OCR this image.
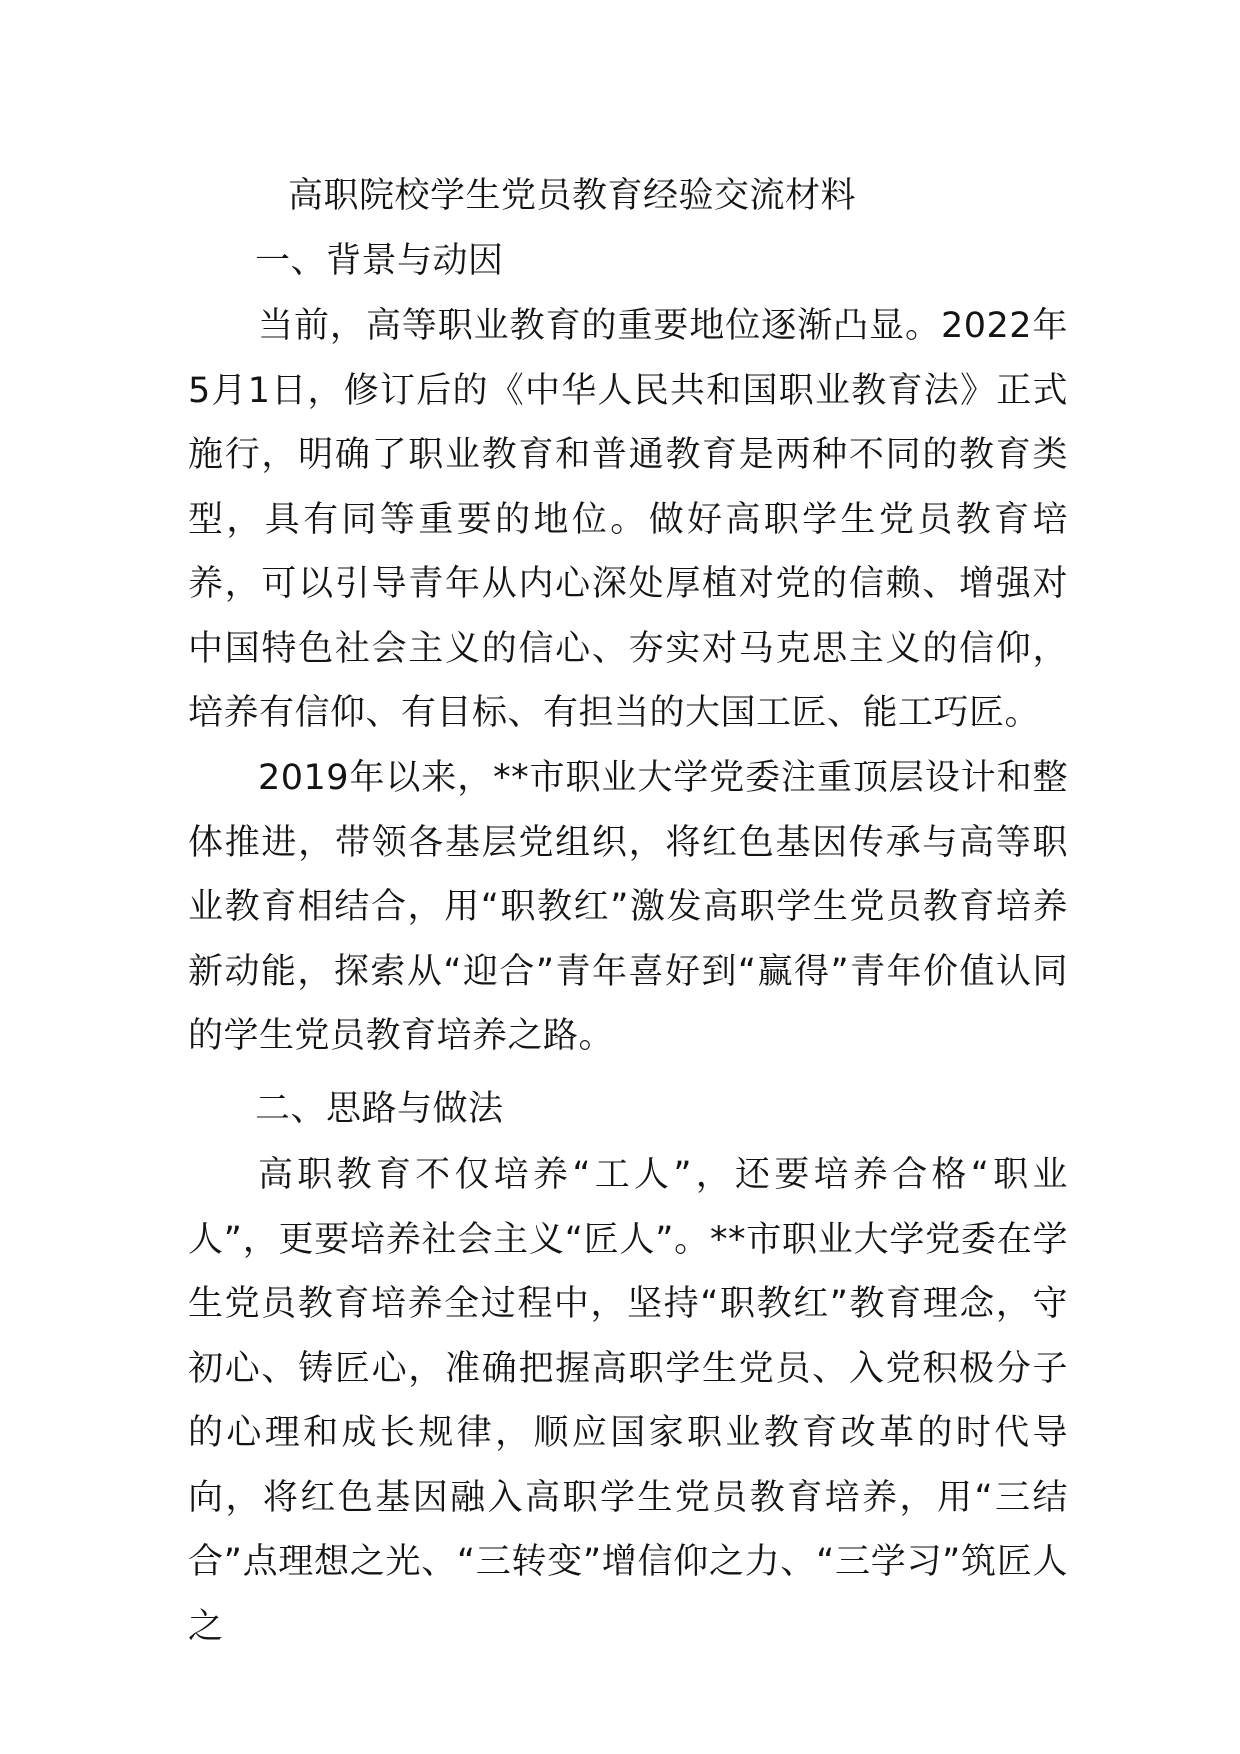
高职院校学生党员教育经验交流材料
一、背景与动因

当前，高等职业教育的重要地位逐渐凸显。2022年5月1日，修订后的《中华人民共和国职业教育法》正式施行，明确了职业教育和普通教育是两种不同的教育类型，具有同等重要的地位。做好高职学生党员教育培养，可以引导青年从内心深处厚植对党的信赖、增强对中国特色社会主义的信心、夯实对马克思主义的信仰，培养有信仰、有目标、有担当的大国工匠、能工巧匠。

2019年以来，**市职业大学党委注重顶层设计和整体推进，带领各基层党组织，将红色基因传承与高等职业教育相结合，用“职教红”激发高职学生党员教育培养新动能，探索从“迎合”青年喜好到“赢得”青年价值认同的学生党员教育培养之路。

二、思路与做法

高职教育不仅培养“工人”，还要培养合格“职业人”，更要培养社会主义“匠人”。**市职业大学党委在学生党员教育培养全过程中，坚持“职教红”教育理念，守初心、铸匠心，准确把握高职学生党员、入党积极分子的心理和成长规律，顺应国家职业教育改革的时代导向，将红色基因融入高职学生党员教育培养，用“三结合”点理想之光、“三转变”增信仰之力、“三学习”筑匠人之
